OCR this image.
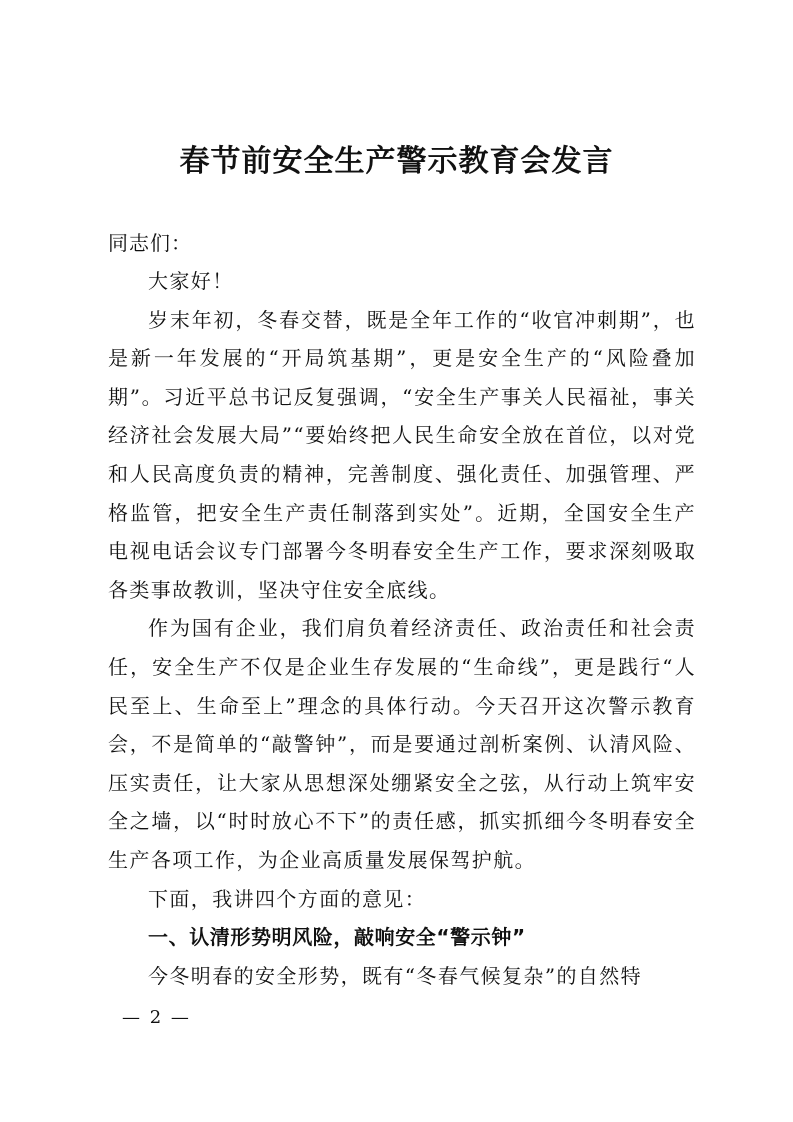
春节前安全生产警示教育会发言

同志们：

大家好！

岁末年初，冬春交替，既是全年工作的“收官冲刺期”，也是新一年发展的“开局筑基期”，更是安全生产的“风险叠加期”。习近平总书记反复强调，“安全生产事关人民福祉，事关经济社会发展大局”“要始终把人民生命安全放在首位，以对党和人民高度负责的精神，完善制度、强化责任、加强管理、严格监管，把安全生产责任制落到实处”。近期，全国安全生产电视电话会议专门部署今冬明春安全生产工作，要求深刻吸取各类事故教训，坚决守住安全底线。

作为国有企业，我们肩负着经济责任、政治责任和社会责任，安全生产不仅是企业生存发展的“生命线”，更是践行“人民至上、生命至上”理念的具体行动。今天召开这次警示教育会，不是简单的“敲警钟”，而是要通过剖析案例、认清风险、压实责任，让大家从思想深处绷紧安全之弦，从行动上筑牢安全之墙，以“时时放心不下”的责任感，抓实抓细今冬明春安全生产各项工作，为企业高质量发展保驾护航。

下面，我讲四个方面的意见：

一、认清形势明风险，敲响安全“警示钟”

今冬明春的安全形势，既有“冬春气候复杂”的自然特

— 2 —
